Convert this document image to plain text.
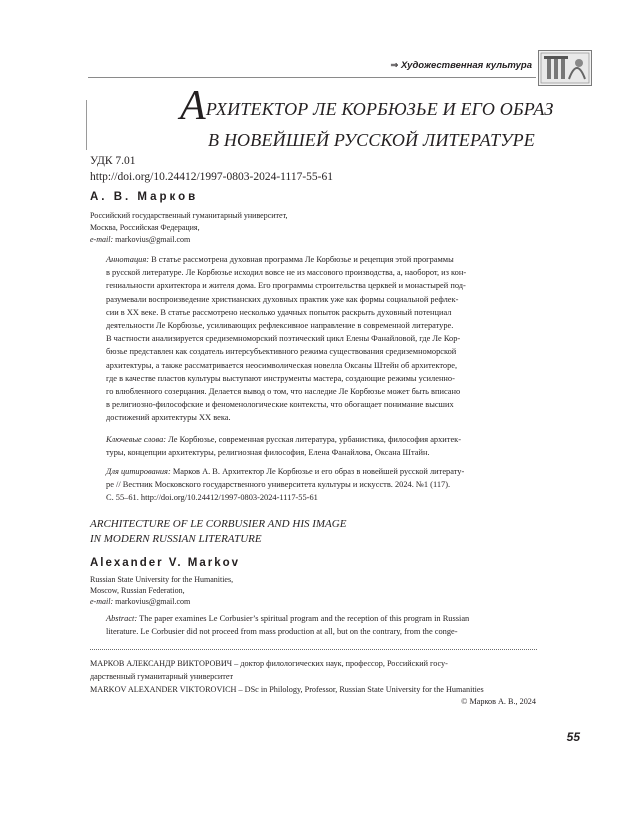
⇒ Художественная культура
АРХИТЕКТОР ЛЕ КОРБЮЗЬЕ И ЕГО ОБРАЗ
В НОВЕЙШЕЙ РУССКОЙ ЛИТЕРАТУРЕ
УДК 7.01
http://doi.org/10.24412/1997-0803-2024-1117-55-61
А. В. Марков
Российский государственный гуманитарный университет,
Москва, Российская Федерация,
e-mail: markovius@gmail.com
Аннотация: В статье рассмотрена духовная программа Ле Корбюзье и рецепция этой программы
в русской литературе. Ле Корбюзье исходил вовсе не из массового производства, а, наоборот, из кон-
гениальности архитектора и жителя дома. Его программы строительства церквей и монастырей под-
разумевали воспроизведение христианских духовных практик уже как формы социальной рефлек-
сии в XX веке. В статье рассмотрено несколько удачных попыток раскрыть духовный потенциал
деятельности Ле Корбюзье, усиливающих рефлексивное направление в современной литературе.
В частности анализируется средиземноморский поэтический цикл Елены Фанайловой, где Ле Кор-
бюзье представлен как создатель интерсубъективного режима существования средиземноморской
архитектуры, а также рассматривается неосимволическая новелла Оксаны Штейн об архитекторе,
где в качестве пластов культуры выступают инструменты мастера, создающие режимы усиленно-
го влюбленного созерцания. Делается вывод о том, что наследие Ле Корбюзье может быть вписано
в религиозно-философские и феноменологические контексты, что обогащает понимание высших
достижений архитектуры XX века.
Ключевые слова: Ле Корбюзье, современная русская литература, урбанистика, философия архитек-
туры, концепции архитектуры, религиозная философия, Елена Фанайлова, Оксана Штайн.
Для цитирования: Марков А. В. Архитектор Ле Корбюзье и его образ в новейшей русской литерату-
ре // Вестник Московского государственного университета культуры и искусств. 2024. №1 (117).
С. 55–61. http://doi.org/10.24412/1997-0803-2024-1117-55-61
ARCHITECTURE OF LE CORBUSIER AND HIS IMAGE
IN MODERN RUSSIAN LITERATURE
Alexander V. Markov
Russian State University for the Humanities,
Moscow, Russian Federation,
e-mail: markovius@gmail.com
Abstract: The paper examines Le Corbusier’s spiritual program and the reception of this program in Russian
literature. Le Corbusier did not proceed from mass production at all, but on the contrary, from the conge-
МАРКОВ АЛЕКСАНДР ВИКТОРОВИЧ – доктор филологических наук, профессор, Российский госу-
дарственный гуманитарный университет
MARKOV ALEXANDER VIKTOROVICH – DSc in Philology, Professor, Russian State University for the Humanities
© Марков А. В., 2024
55
